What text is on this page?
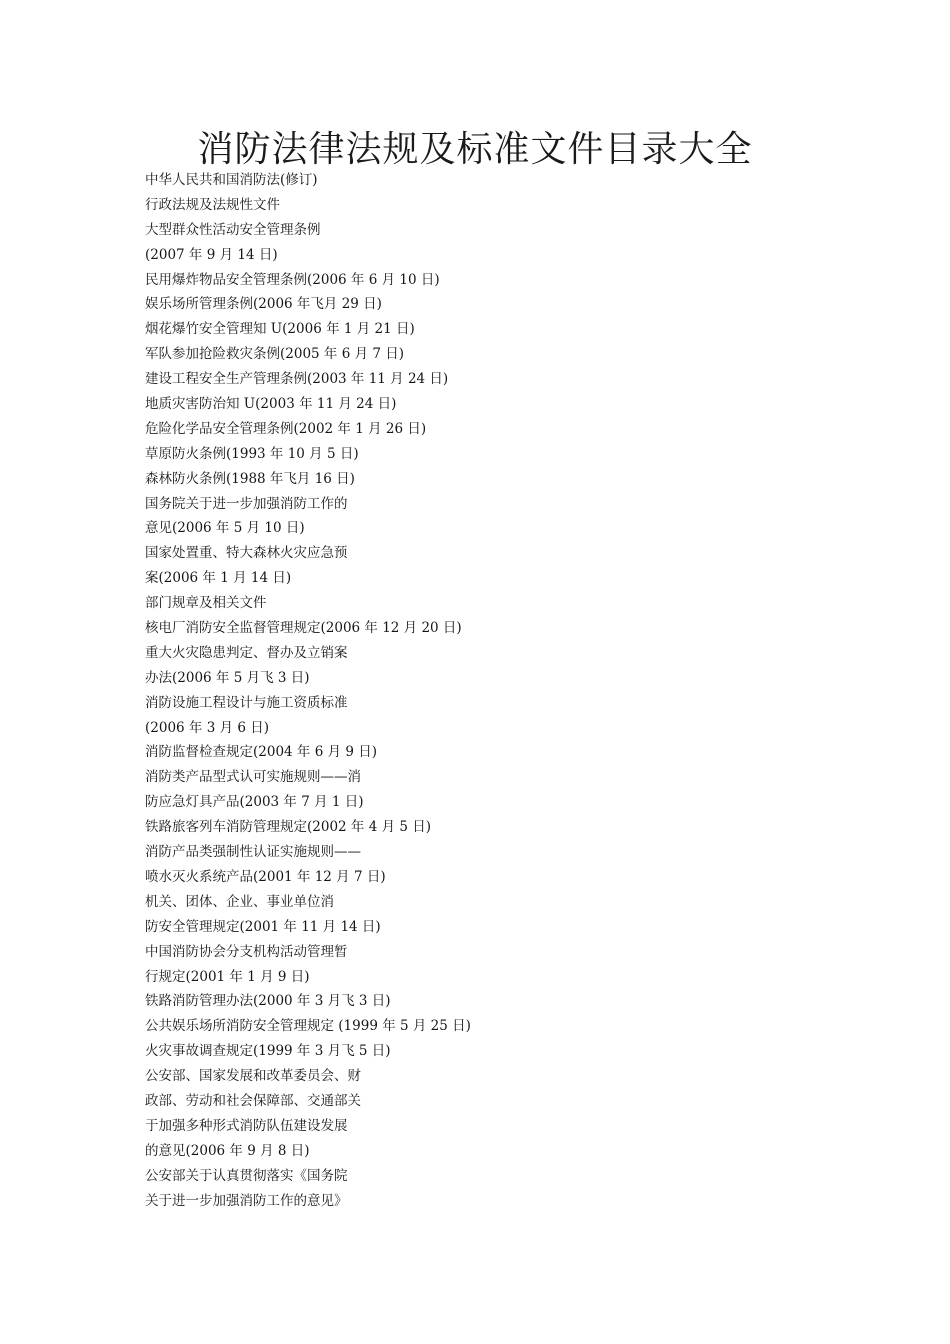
消防法律法规及标准文件目录大全
中华人民共和国消防法(修订)
行政法规及法规性文件
大型群众性活动安全管理条例
(2007 年 9 月 14 日)
民用爆炸物品安全管理条例(2006 年 6 月 10 日)
娱乐场所管理条例(2006 年飞月 29 日)
烟花爆竹安全管理知 U(2006 年 1 月 21 日)
军队参加抢险救灾条例(2005 年 6 月 7 日)
建设工程安全生产管理条例(2003 年 11 月 24 日)
地质灾害防治知 U(2003 年 11 月 24 日)
危险化学品安全管理条例(2002 年 1 月 26 日)
草原防火条例(1993 年 10 月 5 日)
森林防火条例(1988 年飞月 16 日)
国务院关于进一步加强消防工作的
意见(2006 年 5 月 10 日)
国家处置重、特大森林火灾应急预
案(2006 年 1 月 14 日)
部门规章及相关文件
核电厂消防安全监督管理规定(2006 年 12 月 20 日)
重大火灾隐患判定、督办及立销案
办法(2006 年 5 月飞 3 日)
消防设施工程设计与施工资质标准
(2006 年 3 月 6 日)
消防监督检查规定(2004 年 6 月 9 日)
消防类产品型式认可实施规则——消
防应急灯具产品(2003 年 7 月 1 日)
铁路旅客列车消防管理规定(2002 年 4 月 5 日)
消防产品类强制性认证实施规则——
喷水灭火系统产品(2001 年 12 月 7 日)
机关、团体、企业、事业单位消
防安全管理规定(2001 年 11 月 14 日)
中国消防协会分支机构活动管理暂
行规定(2001 年 1 月 9 日)
铁路消防管理办法(2000 年 3 月飞 3 日)
公共娱乐场所消防安全管理规定 (1999 年 5 月 25 日)
火灾事故调查规定(1999 年 3 月飞 5 日)
公安部、国家发展和改革委员会、财
政部、劳动和社会保障部、交通部关
于加强多种形式消防队伍建设发展
的意见(2006 年 9 月 8 日)
公安部关于认真贯彻落实《国务院
关于进一步加强消防工作的意见》
